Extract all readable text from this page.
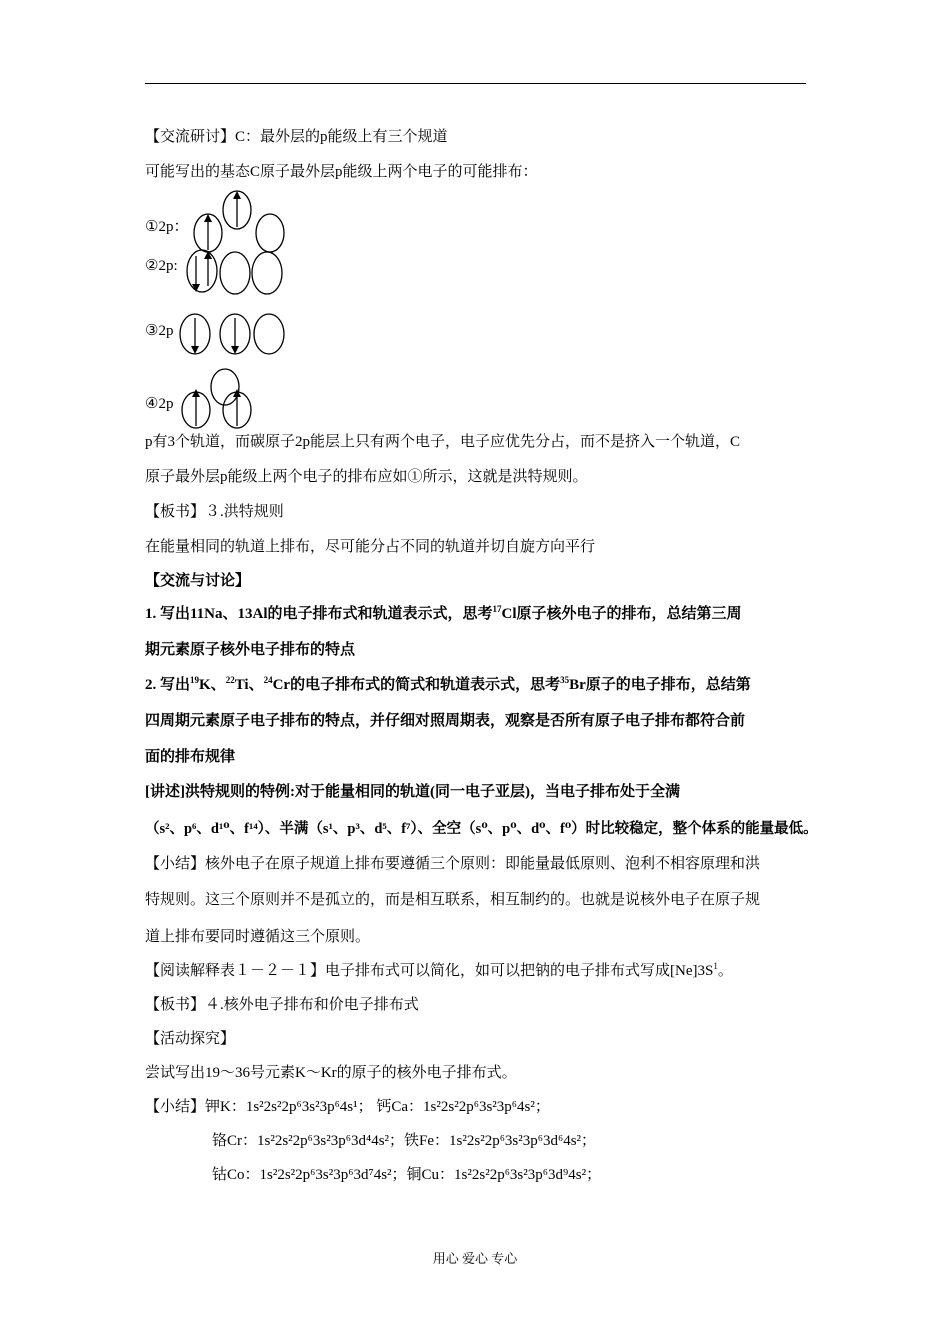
【交流研讨】C：最外层的p能级上有三个规道
可能写出的基态C原子最外层p能级上两个电子的可能排布：
①2p：
②2p:
③2p
④2p
p有3个轨道，而碳原子2p能层上只有两个电子，电子应优先分占，而不是挤入一个轨道，C
原子最外层p能级上两个电子的排布应如①所示，这就是洪特规则。
【板书】３.洪特规则
在能量相同的轨道上排布，尽可能分占不同的轨道并切自旋方向平行
【交流与讨论】
1. 写出11Na、13Al的电子排布式和轨道表示式，思考$^{17}$Cl原子核外电子的排布，总结第三周
期元素原子核外电子排布的特点
2. 写出$^{19}$K、$^{22}$Ti、$^{24}$Cr的电子排布式的简式和轨道表示式，思考$^{35}$Br原子的电子排布，总结第
四周期元素原子电子排布的特点，并仔细对照周期表，观察是否所有原子电子排布都符合前
面的排布规律
[讲述]洪特规则的特例:对于能量相同的轨道(同一电子亚层)，当电子排布处于全满
（s²、p⁶、d¹⁰、f¹⁴）、半满（s¹、p³、d⁵、f⁷）、全空（s⁰、p⁰、d⁰、f⁰）时比较稳定，整个体系的能量最低。
【小结】核外电子在原子规道上排布要遵循三个原则：即能量最低原则、泡利不相容原理和洪
特规则。这三个原则并不是孤立的，而是相互联系，相互制约的。也就是说核外电子在原子规
道上排布要同时遵循这三个原则。
【阅读解释表１－２－１】电子排布式可以简化，如可以把钠的电子排布式写成$[Ne]3S^1$。
【板书】４.核外电子排布和价电子排布式
【活动探究】
尝试写出19～36号元素K～Kr的原子的核外电子排布式。
【小结】钾K：1s²2s²2p⁶3s²3p⁶4s¹； 钙Ca：1s²2s²2p⁶3s²3p⁶4s²；
铬Cr：1s²2s²2p⁶3s²3p⁶3d⁴4s²；铁Fe：1s²2s²2p⁶3s²3p⁶3d⁶4s²；
钴Co：1s²2s²2p⁶3s²3p⁶3d⁷4s²；铜Cu：1s²2s²2p⁶3s²3p⁶3d⁹4s²；
用心 爱心 专心
